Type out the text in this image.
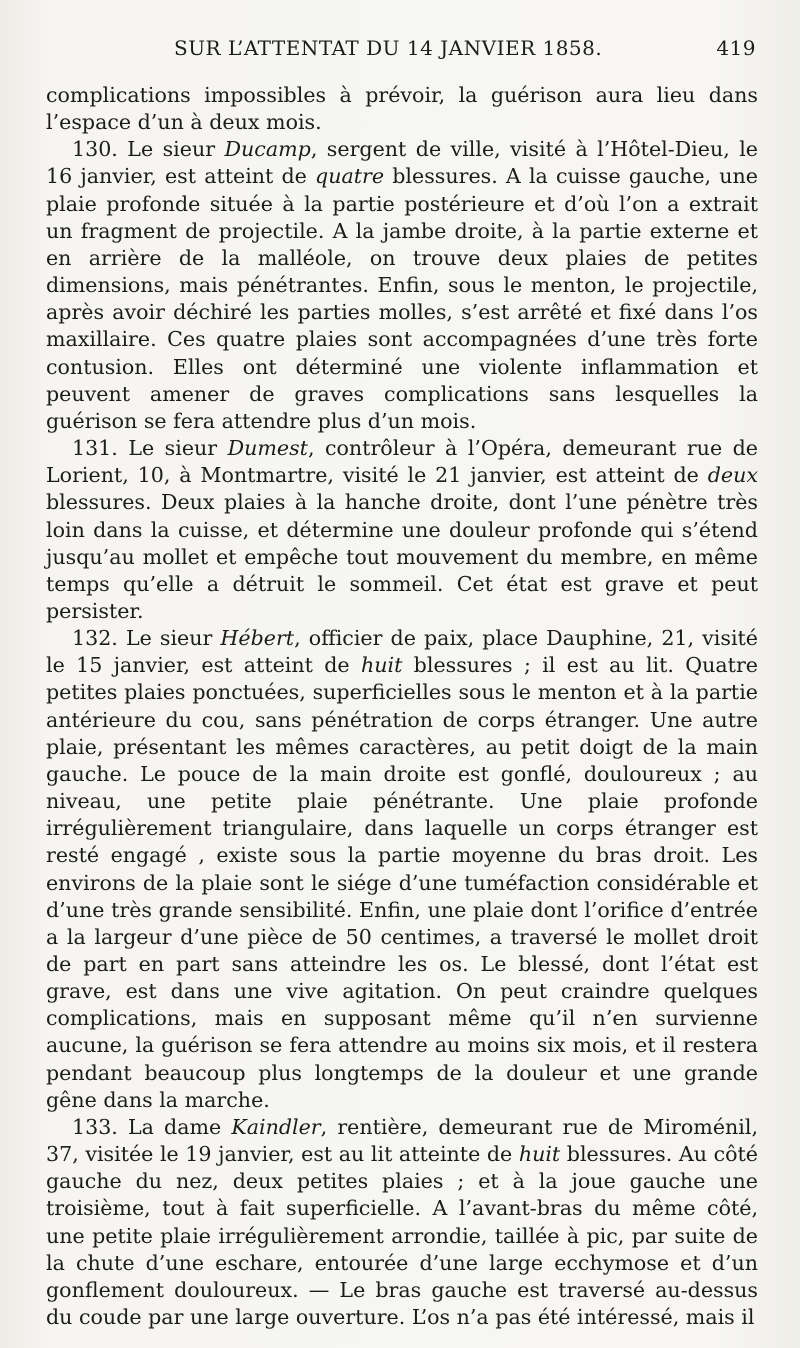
SUR L’ATTENTAT DU 14 JANVIER 1858.	419

complications impossibles à prévoir, la guérison aura lieu dans l’espace d’un à deux mois.

130. Le sieur Ducamp, sergent de ville, visité à l’Hôtel-Dieu, le 16 janvier, est atteint de quatre blessures. A la cuisse gauche, une plaie profonde située à la partie postérieure et d’où l’on a extrait un fragment de projectile. A la jambe droite, à la partie externe et en arrière de la malléole, on trouve deux plaies de petites dimensions, mais pénétrantes. Enfin, sous le menton, le projectile, après avoir déchiré les parties molles, s’est arrêté et fixé dans l’os maxillaire. Ces quatre plaies sont accompagnées d’une très forte contusion. Elles ont déterminé une violente inflammation et peuvent amener de graves complications sans lesquelles la guérison se fera attendre plus d’un mois.

131. Le sieur Dumest, contrôleur à l’Opéra, demeurant rue de Lorient, 10, à Montmartre, visité le 21 janvier, est atteint de deux blessures. Deux plaies à la hanche droite, dont l’une pénètre très loin dans la cuisse, et détermine une douleur profonde qui s’étend jusqu’au mollet et empêche tout mouvement du membre, en même temps qu’elle a détruit le sommeil. Cet état est grave et peut persister.

132. Le sieur Hébert, officier de paix, place Dauphine, 21, visité le 15 janvier, est atteint de huit blessures ; il est au lit. Quatre petites plaies ponctuées, superficielles sous le menton et à la partie antérieure du cou, sans pénétration de corps étranger. Une autre plaie, présentant les mêmes caractères, au petit doigt de la main gauche. Le pouce de la main droite est gonflé, douloureux ; au niveau, une petite plaie pénétrante. Une plaie profonde irrégulièrement triangulaire, dans laquelle un corps étranger est resté engagé , existe sous la partie moyenne du bras droit. Les environs de la plaie sont le siége d’une tuméfaction considérable et d’une très grande sensibilité. Enfin, une plaie dont l’orifice d’entrée a la largeur d’une pièce de 50 centimes, a traversé le mollet droit de part en part sans atteindre les os. Le blessé, dont l’état est grave, est dans une vive agitation. On peut craindre quelques complications, mais en supposant même qu’il n’en survienne aucune, la guérison se fera attendre au moins six mois, et il restera pendant beaucoup plus longtemps de la douleur et une grande gêne dans la marche.

133. La dame Kaindler, rentière, demeurant rue de Miroménil, 37, visitée le 19 janvier, est au lit atteinte de huit blessures. Au côté gauche du nez, deux petites plaies ; et à la joue gauche une troisième, tout à fait superficielle. A l’avant-bras du même côté, une petite plaie irrégulièrement arrondie, taillée à pic, par suite de la chute d’une eschare, entourée d’une large ecchymose et d’un gonflement douloureux. — Le bras gauche est traversé au-dessus du coude par une large ouverture. L’os n’a pas été intéressé, mais il
